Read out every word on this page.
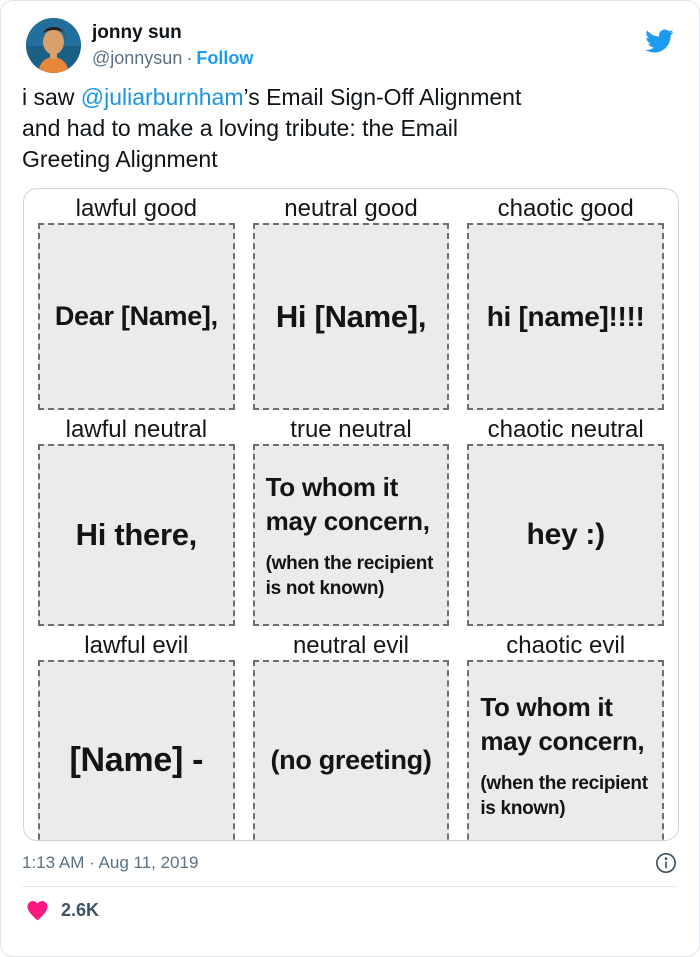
jonny sun
@jonnysun · Follow
i saw @juliarburnham’s Email Sign-Off Alignment
and had to make a loving tribute: the Email
Greeting Alignment
lawful good
Dear [Name],
neutral good
Hi [Name],
chaotic good
hi [name]!!!!
lawful neutral
Hi there,
true neutral
To whom it may concern,
(when the recipient is not known)
chaotic neutral
hey :)
lawful evil
[Name] -
neutral evil
(no greeting)
chaotic evil
To whom it may concern,
(when the recipient is known)
1:13 AM · Aug 11, 2019
2.6K
